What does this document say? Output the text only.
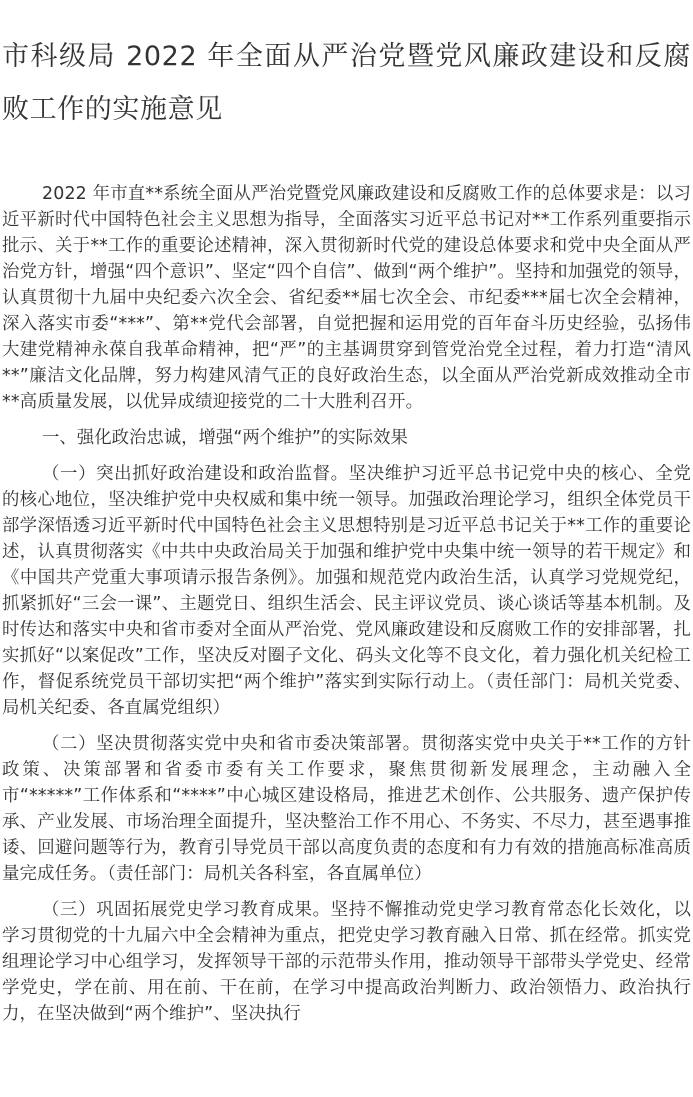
市科级局 2022 年全面从严治党暨党风廉政建设和反腐败工作的实施意见

2022 年市直**系统全面从严治党暨党风廉政建设和反腐败工作的总体要求是：以习近平新时代中国特色社会主义思想为指导，全面落实习近平总书记对**工作系列重要指示批示、关于**工作的重要论述精神，深入贯彻新时代党的建设总体要求和党中央全面从严治党方针，增强“四个意识”、坚定“四个自信”、做到“两个维护”。坚持和加强党的领导，认真贯彻十九届中央纪委六次全会、省纪委**届七次全会、市纪委***届七次全会精神，深入落实市委“***”、第**党代会部署，自觉把握和运用党的百年奋斗历史经验，弘扬伟大建党精神永葆自我革命精神，把“严”的主基调贯穿到管党治党全过程，着力打造“清风**”廉洁文化品牌，努力构建风清气正的良好政治生态，以全面从严治党新成效推动全市**高质量发展，以优异成绩迎接党的二十大胜利召开。

一、强化政治忠诚，增强“两个维护”的实际效果

（一）突出抓好政治建设和政治监督。坚决维护习近平总书记党中央的核心、全党的核心地位，坚决维护党中央权威和集中统一领导。加强政治理论学习，组织全体党员干部学深悟透习近平新时代中国特色社会主义思想特别是习近平总书记关于**工作的重要论述，认真贯彻落实《中共中央政治局关于加强和维护党中央集中统一领导的若干规定》和《中国共产党重大事项请示报告条例》。加强和规范党内政治生活，认真学习党规党纪，抓紧抓好“三会一课”、主题党日、组织生活会、民主评议党员、谈心谈话等基本机制。及时传达和落实中央和省市委对全面从严治党、党风廉政建设和反腐败工作的安排部署，扎实抓好“以案促改”工作，坚决反对圈子文化、码头文化等不良文化，着力强化机关纪检工作，督促系统党员干部切实把“两个维护”落实到实际行动上。（责任部门：局机关党委、局机关纪委、各直属党组织）

（二）坚决贯彻落实党中央和省市委决策部署。贯彻落实党中央关于**工作的方针政策、决策部署和省委市委有关工作要求，聚焦贯彻新发展理念，主动融入全市“*****”工作体系和“****”中心城区建设格局，推进艺术创作、公共服务、遗产保护传承、产业发展、市场治理全面提升，坚决整治工作不用心、不务实、不尽力，甚至遇事推诿、回避问题等行为，教育引导党员干部以高度负责的态度和有力有效的措施高标准高质量完成任务。（责任部门：局机关各科室，各直属单位）

（三）巩固拓展党史学习教育成果。坚持不懈推动党史学习教育常态化长效化，以学习贯彻党的十九届六中全会精神为重点，把党史学习教育融入日常、抓在经常。抓实党组理论学习中心组学习，发挥领导干部的示范带头作用，推动领导干部带头学党史、经常学党史，学在前、用在前、干在前，在学习中提高政治判断力、政治领悟力、政治执行力，在坚决做到“两个维护”、坚决执行
